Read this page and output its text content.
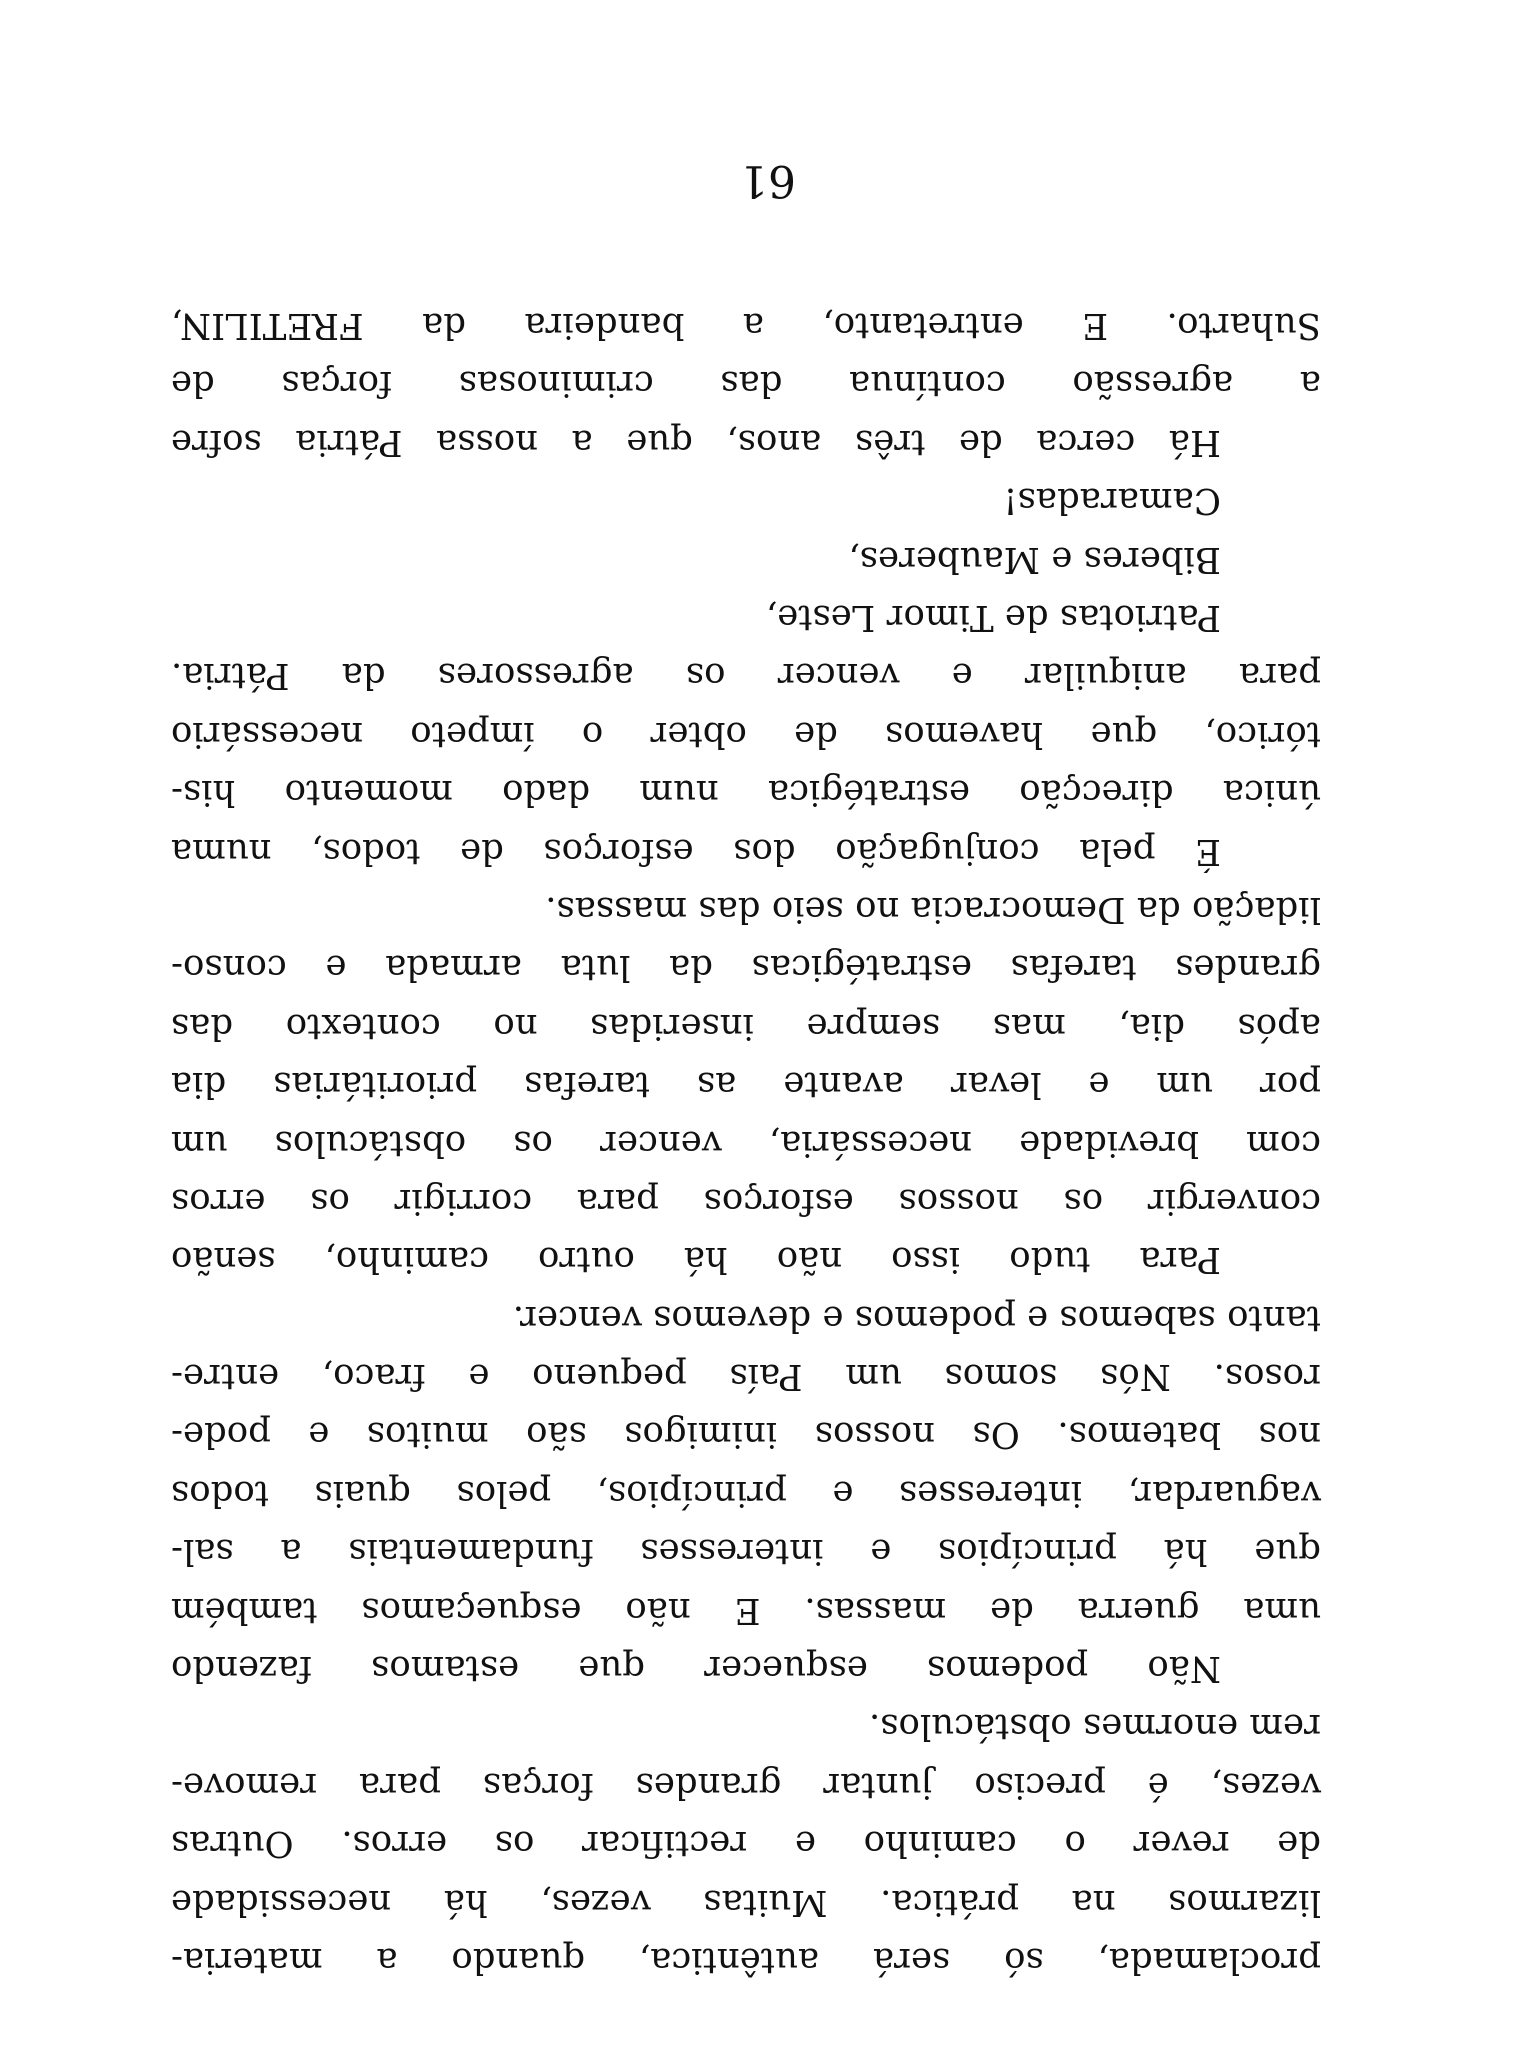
proclamada, só será autêntica, quando a materia-
lizarmos na prática. Muitas vezes, há necessidade
de rever o caminho e rectificar os erros. Outras
vezes, é preciso juntar grandes forças para remove-
rem enormes obstáculos.
Não podemos esquecer que estamos fazendo
uma guerra de massas. E não esqueçamos também
que há princípios e interesses fundamentais a sal-
vaguardar, interesses e princípios, pelos quais todos
nos batemos. Os nossos inimigos são muitos e pode-
rosos. Nós somos um País pequeno e fraco, entre-
tanto sabemos e podemos e devemos vencer.
Para tudo isso não há outro caminho, senão
convergir os nossos esforços para corrigir os erros
com brevidade necessária, vencer os obstáculos um
por um e levar avante as tarefas prioritárias dia
após dia, mas sempre inseridas no contexto das
grandes tarefas estratégicas da luta armada e conso-
lidação da Democracia no seio das massas.
É pela conjugação dos esforços de todos, numa
única direcção estratégica num dado momento his-
tórico, que havemos de obter o ímpeto necessário
para aniquilar e vencer os agressores da Pátria.
Patriotas de Timor Leste,
Biberes e Mauberes,
Camaradas!
Há cerca de três anos, que a nossa Pátria sofre
a agressão contínua das criminosas forças de
Suharto. E entretanto, a bandeira da FRETILIN,
61
